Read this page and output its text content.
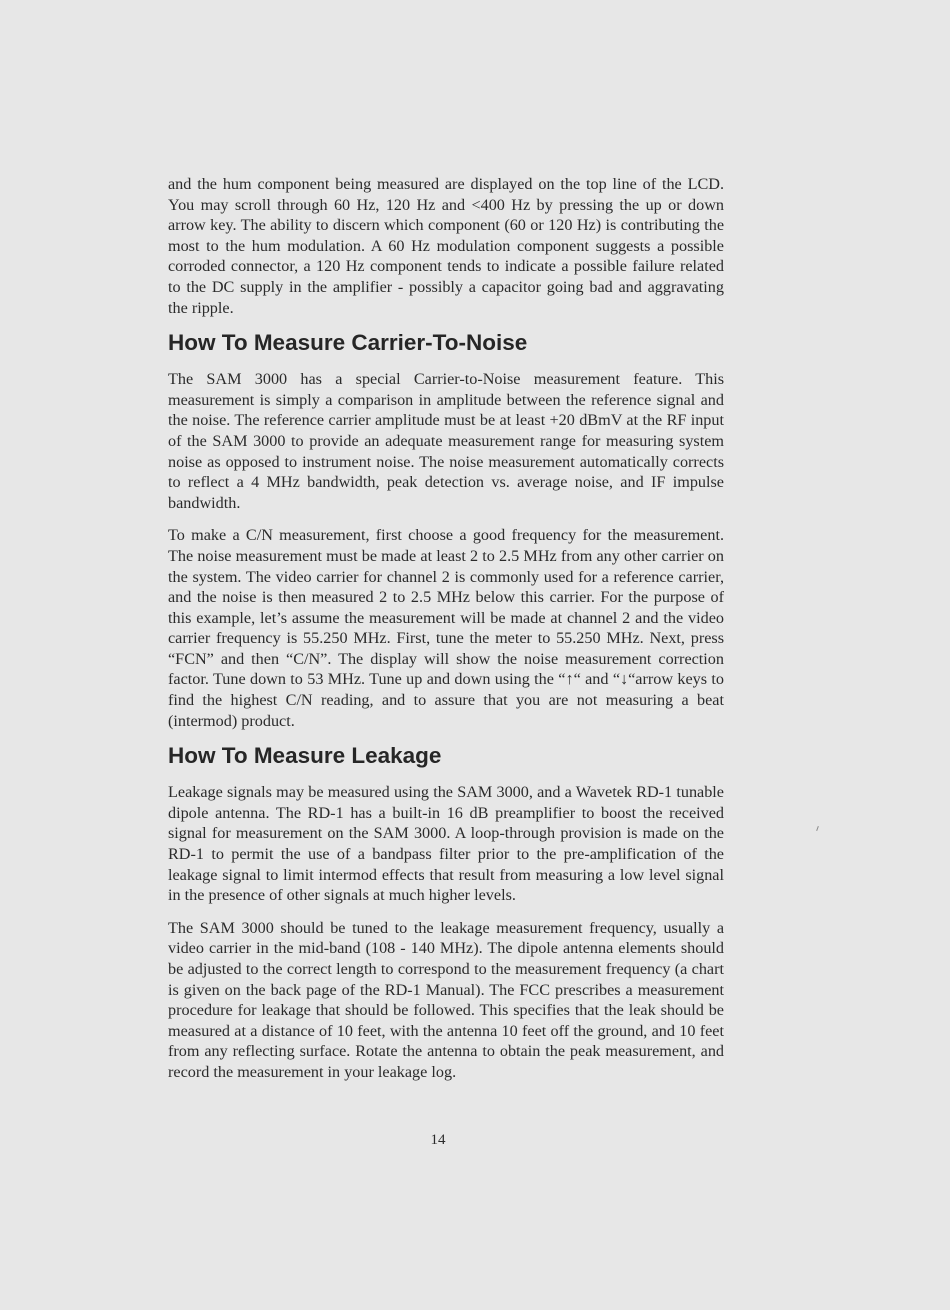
and the hum component being measured are displayed on the top line of the LCD. You may scroll through 60 Hz, 120 Hz and <400 Hz by pressing the up or down arrow key. The ability to discern which component (60 or 120 Hz) is contributing the most to the hum modulation. A 60 Hz modulation component suggests a possible corroded connector, a 120 Hz component tends to indicate a possible failure related to the DC supply in the amplifier - possibly a capacitor going bad and aggravating the ripple.

How To Measure Carrier-To-Noise

The SAM 3000 has a special Carrier-to-Noise measurement feature. This measurement is simply a comparison in amplitude between the reference signal and the noise. The reference carrier amplitude must be at least +20 dBmV at the RF input of the SAM 3000 to provide an adequate measurement range for measuring system noise as opposed to instrument noise. The noise measurement automatically corrects to reflect a 4 MHz bandwidth, peak detection vs. average noise, and IF impulse bandwidth.

To make a C/N measurement, first choose a good frequency for the measurement. The noise measurement must be made at least 2 to 2.5 MHz from any other carrier on the system. The video carrier for channel 2 is commonly used for a reference carrier, and the noise is then measured 2 to 2.5 MHz below this carrier. For the purpose of this example, let’s assume the measurement will be made at channel 2 and the video carrier frequency is 55.250 MHz. First, tune the meter to 55.250 MHz. Next, press “FCN” and then “C/N”. The display will show the noise measurement correction factor. Tune down to 53 MHz. Tune up and down using the “↑“ and “↓“arrow keys to find the highest C/N reading, and to assure that you are not measuring a beat (intermod) product.

How To Measure Leakage

Leakage signals may be measured using the SAM 3000, and a Wavetek RD-1 tunable dipole antenna. The RD-1 has a built-in 16 dB preamplifier to boost the received signal for measurement on the SAM 3000. A loop-through provision is made on the RD-1 to permit the use of a bandpass filter prior to the pre-amplification of the leakage signal to limit intermod effects that result from measuring a low level signal in the presence of other signals at much higher levels.

The SAM 3000 should be tuned to the leakage measurement frequency, usually a video carrier in the mid-band (108 - 140 MHz). The dipole antenna elements should be adjusted to the correct length to correspond to the measurement frequency (a chart is given on the back page of the RD-1 Manual). The FCC prescribes a measurement procedure for leakage that should be followed. This specifies that the leak should be measured at a distance of 10 feet, with the antenna 10 feet off the ground, and 10 feet from any reflecting surface. Rotate the antenna to obtain the peak measurement, and record the measurement in your leakage log.

14
